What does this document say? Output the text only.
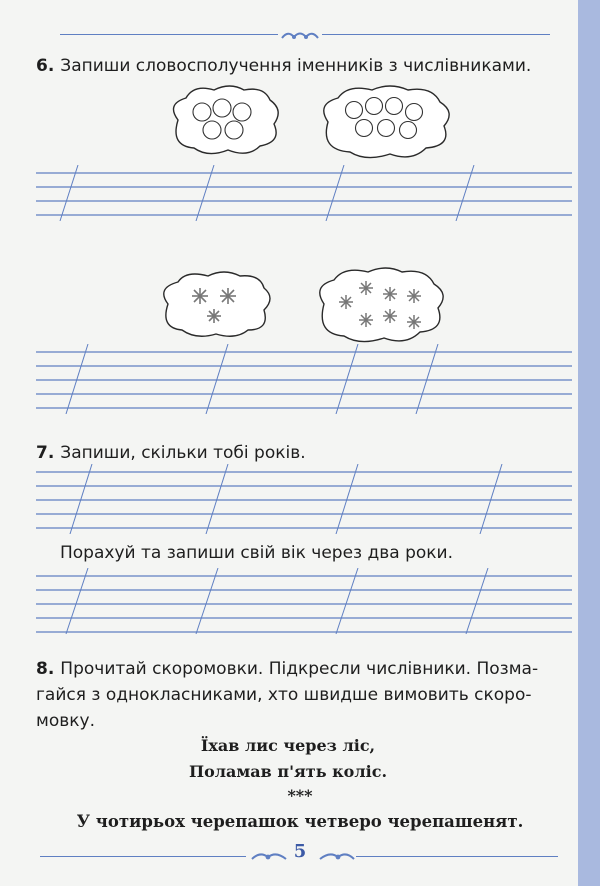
6. Запиши словосполучення іменників з числівниками.
7. Запиши, скільки тобі років.
Порахуй та запиши свій вік через два роки.
8. Прочитай скоромовки. Підкресли числівники. Позма-
гайся з однокласниками, хто швидше вимовить скоро-
мовку.
Їхав лис через ліс,
Поламав п'ять коліс.
***
У чотирьох черепашок четверо черепашенят.
5
